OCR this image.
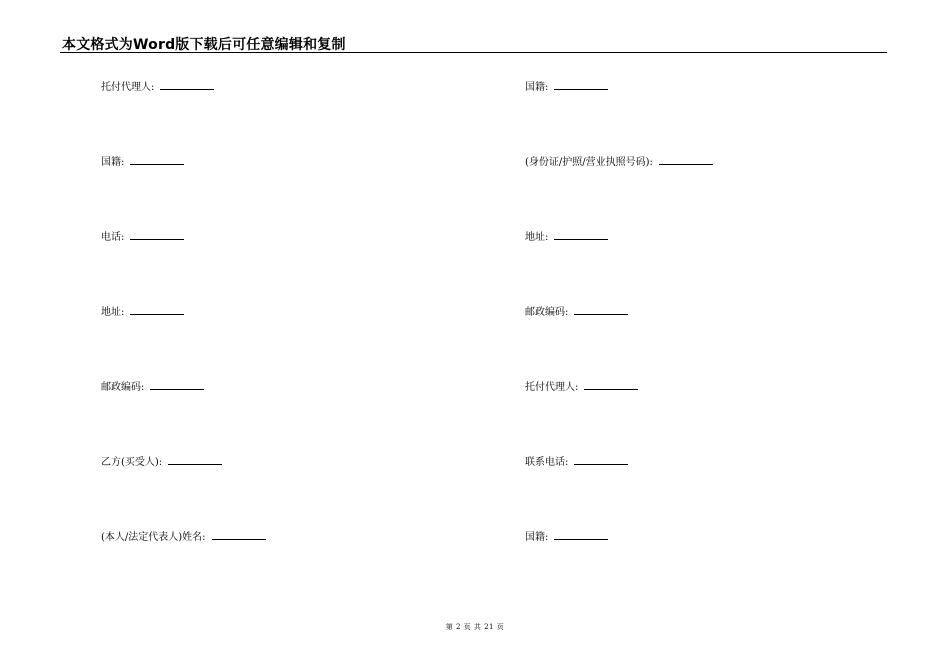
本文格式为Word版下载后可任意编辑和复制
托付代理人:
国籍:
电话:
地址:
邮政编码:
乙方(买受人):
(本人/法定代表人)姓名:
国籍:
(身份证/护照/营业执照号码):
地址:
邮政编码:
托付代理人:
联系电话:
国籍:
第 2 页 共 21 页
